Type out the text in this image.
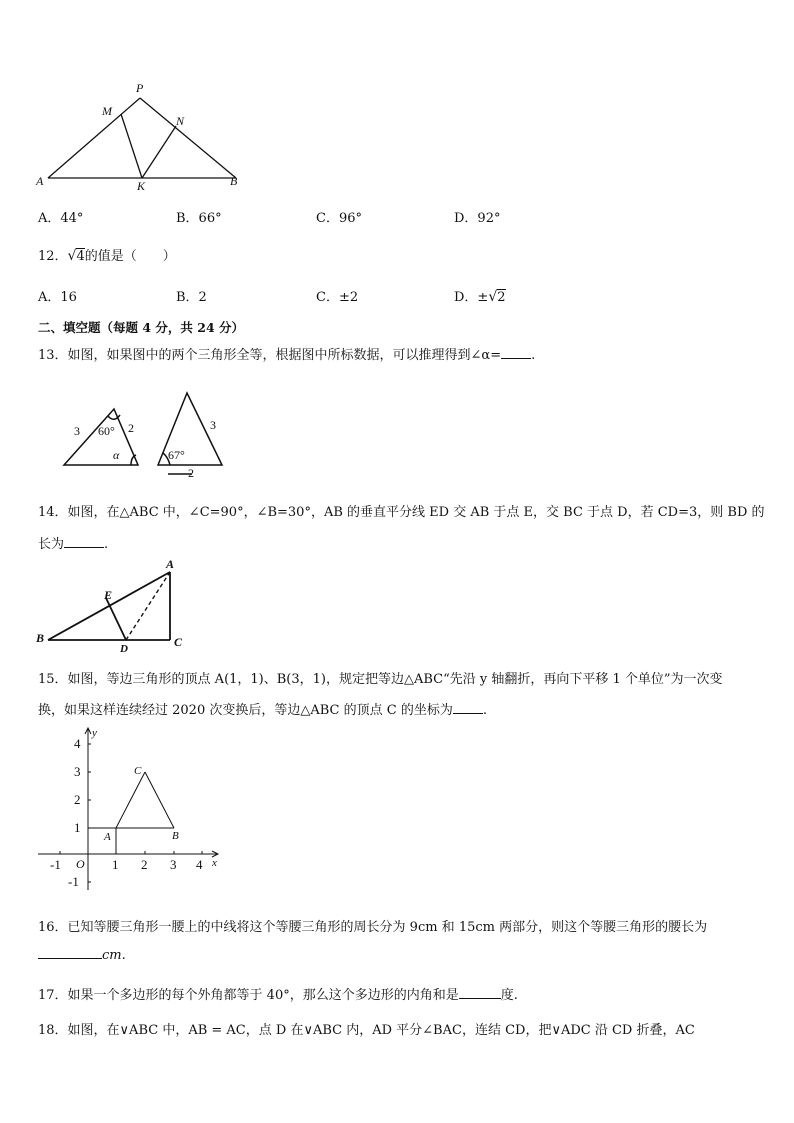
P
M
N
A	K	B
A．44°	B．66°	C．96°	D．92°
12．√4的值是（　　）
A．16	B．2	C．±2	D．±√2
二、填空题（每题 4 分，共 24 分）
13．如图，如果图中的两个三角形全等，根据图中所标数据，可以推理得到∠α= .
3 60° 2
α
3
67°
2
14．如图，在△ABC 中，∠C=90°，∠B=30°，AB 的垂直平分线 ED 交 AB 于点 E，交 BC 于点 D，若 CD=3，则 BD 的
长为	.
A
E
B
D	C
15．如图，等边三角形的顶点 A(1，1)、B(3，1)，规定把等边△ABC“先沿 y 轴翻折，再向下平移 1 个单位”为一次变
换，如果这样连续经过 2020 次变换后，等边△ABC 的顶点 C 的坐标为 .
4
3
2
1
-1
-1	1 2 3 4
y
x
O
C
A	B
16．已知等腰三角形一腰上的中线将这个等腰三角形的周长分为 9cm 和 15cm 两部分，则这个等腰三角形的腰长为
cm.
17．如果一个多边形的每个外角都等于 40°，那么这个多边形的内角和是	度.
18．如图，在∨ABC 中，AB = AC，点 D 在∨ABC 内，AD 平分∠BAC，连结 CD，把∨ADC 沿 CD 折叠，AC
